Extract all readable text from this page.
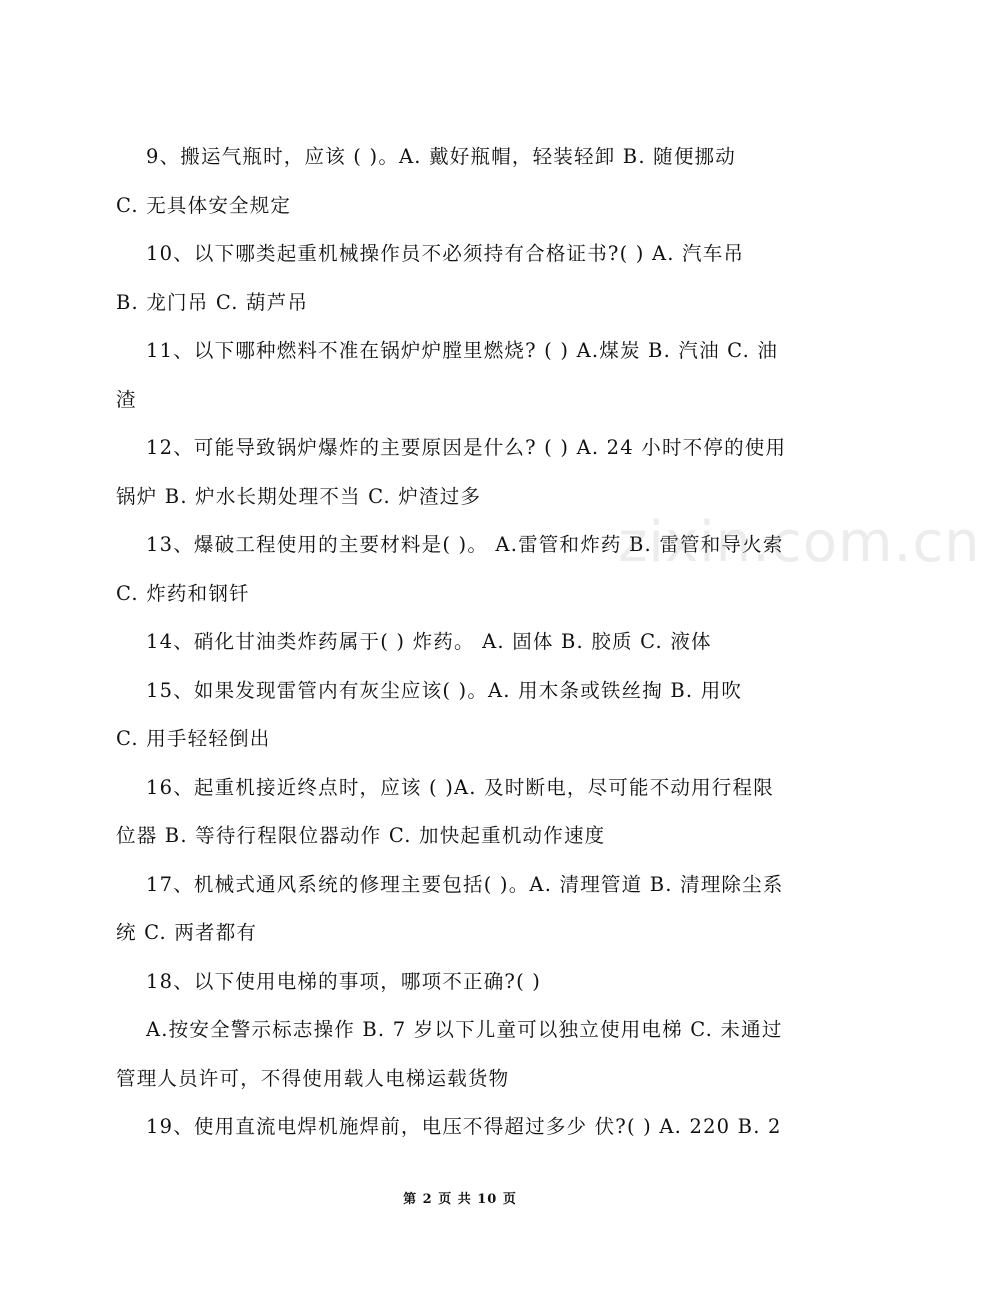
9、搬运气瓶时，应该 ( )。A. 戴好瓶帽，轻装轻卸 B. 随便挪动
C. 无具体安全规定
10、以下哪类起重机械操作员不必须持有合格证书?( ) A. 汽车吊
B. 龙门吊 C. 葫芦吊
11、以下哪种燃料不准在锅炉炉膛里燃烧? ( ) A.煤炭 B. 汽油 C. 油
渣
12、可能导致锅炉爆炸的主要原因是什么? ( ) A. 24 小时不停的使用
锅炉 B. 炉水长期处理不当 C. 炉渣过多
13、爆破工程使用的主要材料是( )。 A.雷管和炸药 B. 雷管和导火索
C. 炸药和钢钎
14、硝化甘油类炸药属于( ) 炸药。 A. 固体 B. 胶质 C. 液体
15、如果发现雷管内有灰尘应该( )。A. 用木条或铁丝掏 B. 用吹
C. 用手轻轻倒出
16、起重机接近终点时，应该 ( )A. 及时断电，尽可能不动用行程限
位器 B. 等待行程限位器动作 C. 加快起重机动作速度
17、机械式通风系统的修理主要包括( )。A. 清理管道 B. 清理除尘系
统 C. 两者都有
18、以下使用电梯的事项，哪项不正确?( )
A.按安全警示标志操作 B. 7 岁以下儿童可以独立使用电梯 C. 未通过
管理人员许可，不得使用载人电梯运载货物
19、使用直流电焊机施焊前，电压不得超过多少 伏?( ) A. 220 B. 2
zixin.com.cn
第 2 页 共 10 页
